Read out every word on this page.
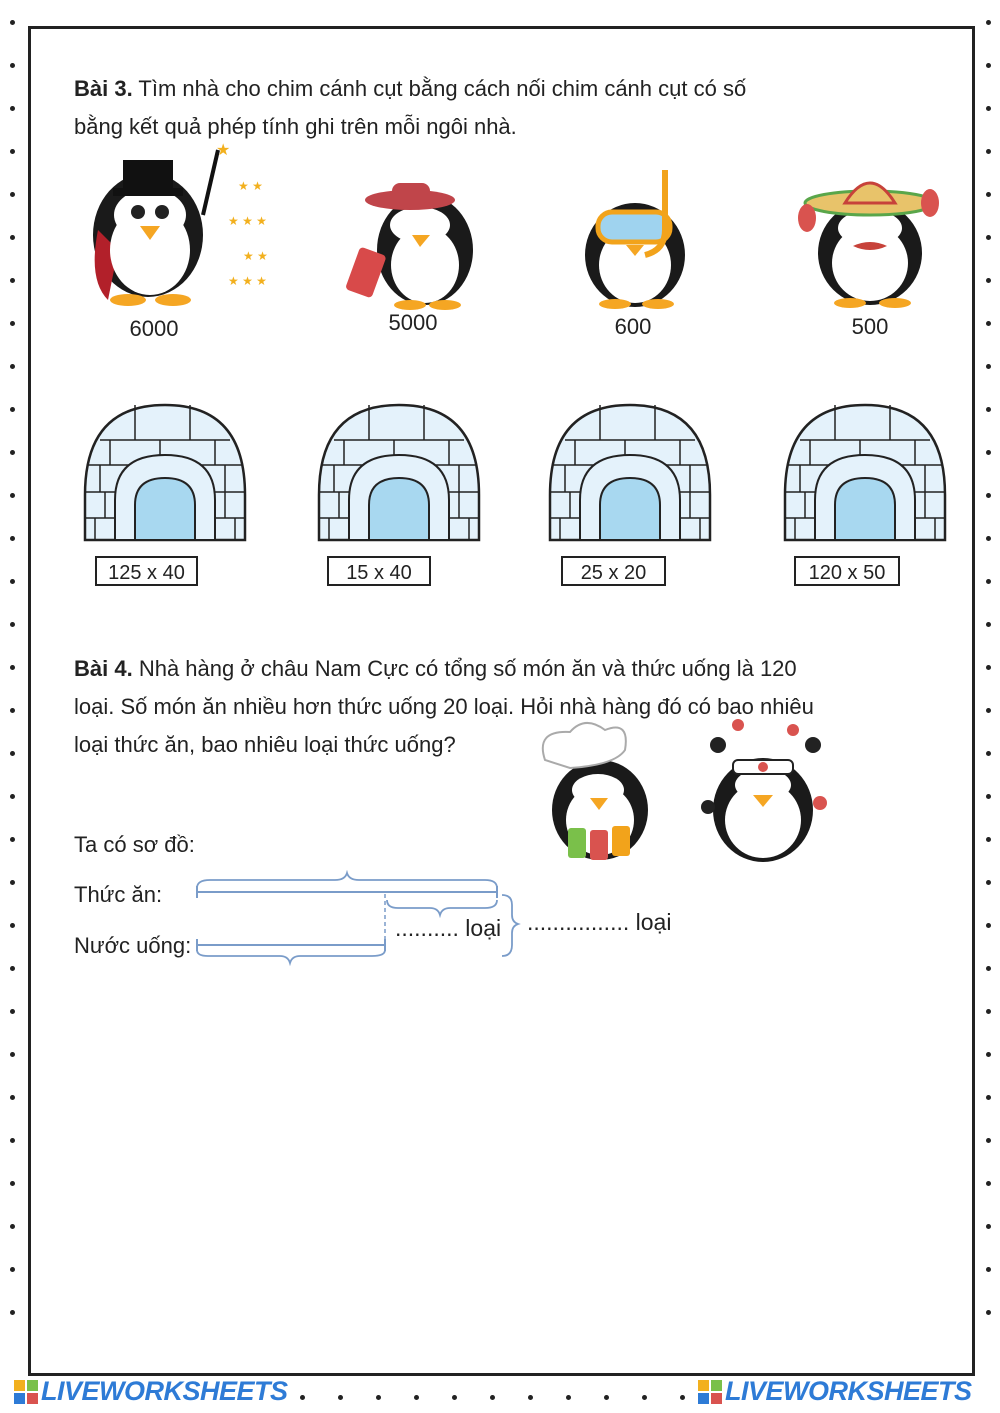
Bài 3. Tìm nhà cho chim cánh cụt bằng cách nối chim cánh cụt có số
bằng kết quả phép tính ghi trên mỗi ngôi nhà.
★
★ ★
★ ★ ★
★ ★
★ ★ ★
6000	5000	600	500
125 x 40	15 x 40	25 x 20	120 x 50
Bài 4. Nhà hàng ở châu Nam Cực có tổng số món ăn và thức uống là 120
loại. Số món ăn nhiều hơn thức uống 20 loại. Hỏi nhà hàng đó có bao nhiêu
loại thức ăn, bao nhiêu loại thức uống?
Ta có sơ đồ:
Thức ăn:
Nước uống:
.......... loại ................ loại
LIVEWORKSHEETS	LIVEWORKSHEETS
